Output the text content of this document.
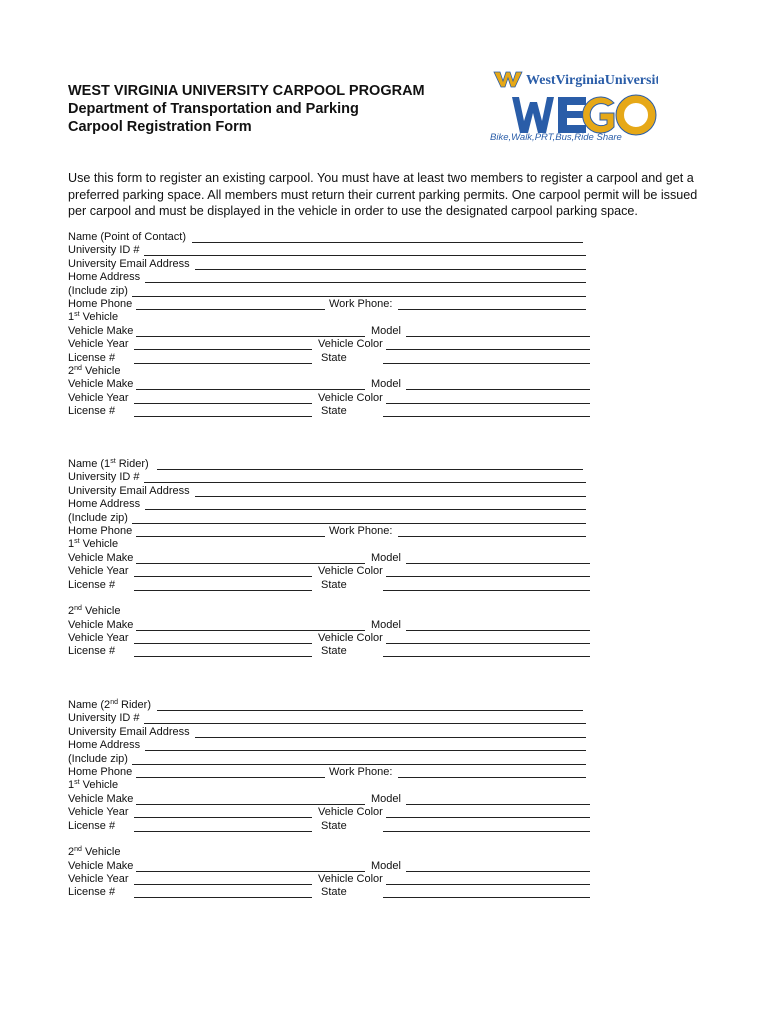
WEST VIRGINIA UNIVERSITY CARPOOL PROGRAM
Department of Transportation and Parking
Carpool Registration Form
WestVirginiaUniversity
Bike,Walk,PRT,Bus,Ride Share
Use this form to register an existing carpool. You must have at least two members to register a carpool and get a preferred parking space. All members must return their current parking permits. One carpool permit will be issued per carpool and must be displayed in the vehicle in order to use the designated carpool parking space.
Name (Point of Contact)
University ID #
University Email Address
Home Address
(Include zip)
Home Phone	Work Phone:
1st Vehicle
Vehicle Make	Model
Vehicle Year	Vehicle Color
License #	State
2nd Vehicle
Vehicle Make	Model
Vehicle Year	Vehicle Color
License #	State
Name (1st Rider)
University ID #
University Email Address
Home Address
(Include zip)
Home Phone	Work Phone:
1st Vehicle
Vehicle Make	Model
Vehicle Year	Vehicle Color
License #	State
2nd Vehicle
Vehicle Make	Model
Vehicle Year	Vehicle Color
License #	State
Name (2nd Rider)
University ID #
University Email Address
Home Address
(Include zip)
Home Phone	Work Phone:
1st Vehicle
Vehicle Make	Model
Vehicle Year	Vehicle Color
License #	State
2nd Vehicle
Vehicle Make	Model
Vehicle Year	Vehicle Color
License #	State
